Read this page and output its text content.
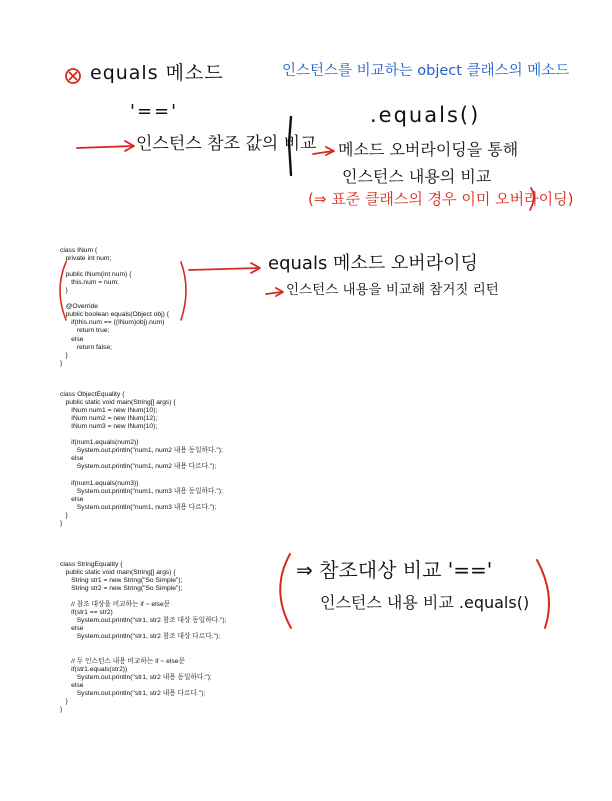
equals 메소드	인스턴스를 비교하는 object 클래스의 메소드
'=='
인스턴스 참조 값의 비교
.equals()
메소드 오버라이딩을 통해
인스턴스 내용의 비교
(⇒ 표준 클래스의 경우 이미 오버라이딩)
equals 메소드 오버라이딩
인스턴스 내용을 비교해 참거짓 리턴
⇒ 참조대상 비교 '=='
인스턴스 내용 비교 .equals()
class INum {
private int num;

public INum(int num) {
this.num = num;
}

@Override
public boolean equals(Object obj) {
if(this.num == ((INum)obj).num)
return true;
else
return false;
}
}
class ObjectEquality {
public static void main(String[] args) {
INum num1 = new INum(10);
INum num2 = new INum(12);
INum num3 = new INum(10);

if(num1.equals(num2))
System.out.println("num1, num2 내용 동일하다.");
else
System.out.println("num1, num2 내용 다르다.");

if(num1.equals(num3))
System.out.println("num1, num3 내용 동일하다.");
else
System.out.println("num1, num3 내용 다르다.");
}
}
class StringEquality {
public static void main(String[] args) {
String str1 = new String("So Simple");
String str2 = new String("So Simple");

// 참조 대상을 비교하는 if ~ else문
if(str1 == str2)
System.out.println("str1, str2 참조 대상 동일하다.");
else
System.out.println("str1, str2 참조 대상 다르다.");

// 두 인스턴스 내용 비교하는 if ~ else문
if(str1.equals(str2))
System.out.println("str1, str2 내용 동일하다.");
else
System.out.println("str1, str2 내용 다르다.");
}
}
